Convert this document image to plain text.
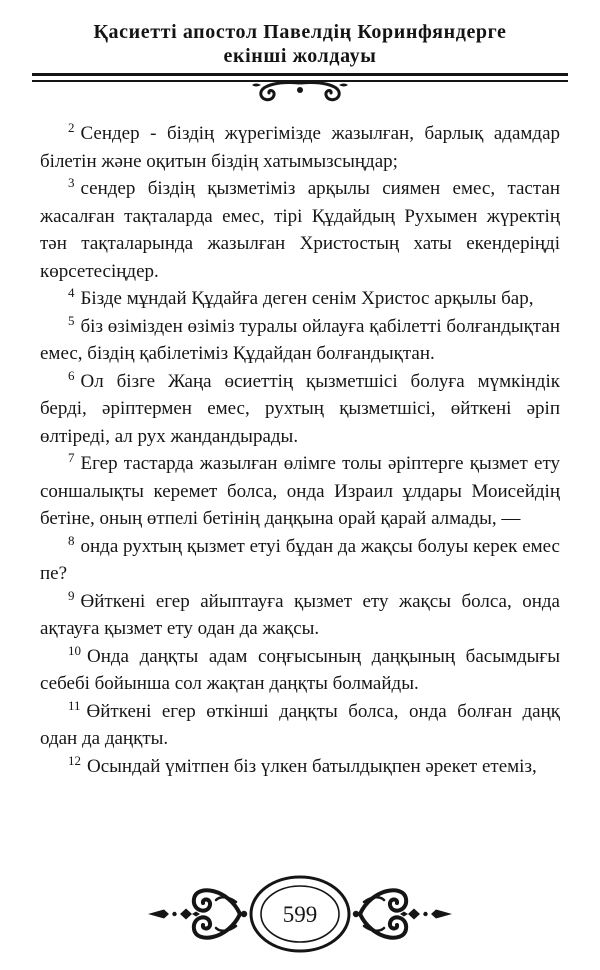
Қасиетті апостол Павелдің Коринфяндерге
екінші жолдауы

$^2$ Сендер - біздің жүрегімізде жазылған, барлық адамдар білетін және оқитын біздің хатымызсыңдар;

$^3$ сендер біздің қызметіміз арқылы сиямен емес, тастан жасалған тақталарда емес, тірі Құдайдың Рухымен жүректің тән тақталарында жазылған Христостың хаты екендеріңді көрсетесіңдер.

$^4$ Бізде мұндай Құдайға деген сенім Христос арқылы бар,

$^5$ біз өзімізден өзіміз туралы ойлауға қабілетті болғандықтан емес, біздің қабілетіміз Құдайдан болғандықтан.

$^6$ Ол бізге Жаңа өсиеттің қызметшісі болуға мүмкіндік берді, әріптермен емес, рухтың қызметшісі, өйткені әріп өлтіреді, ал рух жандандырады.

$^7$ Егер тастарда жазылған өлімге толы әріптерге қызмет ету соншалықты керемет болса, онда Израил ұлдары Моисейдің бетіне, оның өтпелі бетінің даңқына орай қарай алмады, —

$^8$ онда рухтың қызмет етуі бұдан да жақсы болуы керек емес пе?

$^9$ Өйткені егер айыптауға қызмет ету жақсы болса, онда ақтауға қызмет ету одан да жақсы.

$^{10}$ Онда даңқты адам соңғысының даңқының басымдығы себебі бойынша сол жақтан даңқты болмайды.

$^{11}$ Өйткені егер өткінші даңқты болса, онда болған даңқ одан да даңқты.

$^{12}$ Осындай үмітпен біз үлкен батылдықпен әрекет етеміз,

599
